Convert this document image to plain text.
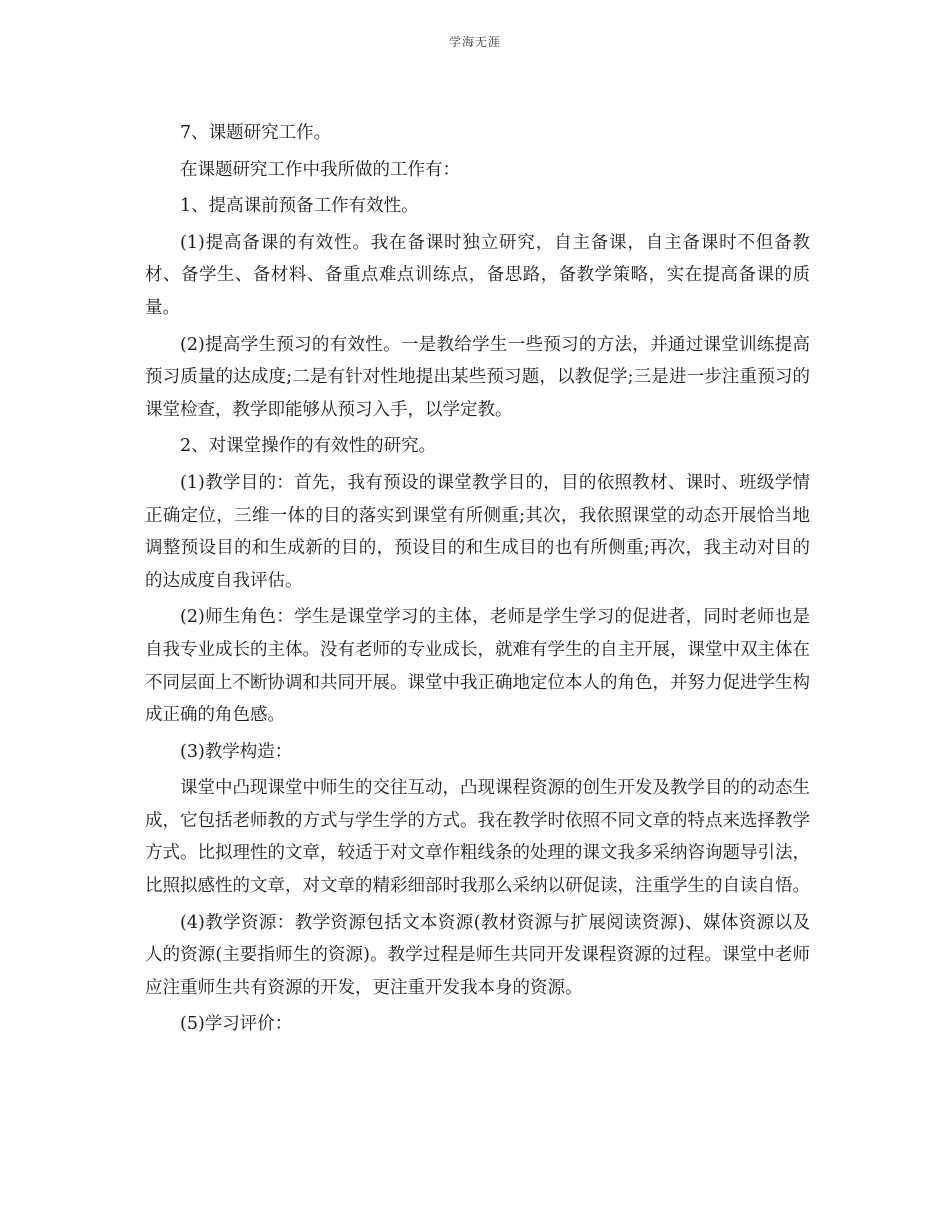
学海无涯

7、课题研究工作。

在课题研究工作中我所做的工作有：

1、提高课前预备工作有效性。

(1)提高备课的有效性。我在备课时独立研究，自主备课，自主备课时不但备教材、备学生、备材料、备重点难点训练点，备思路，备教学策略，实在提高备课的质量。

(2)提高学生预习的有效性。一是教给学生一些预习的方法，并通过课堂训练提高预习质量的达成度;二是有针对性地提出某些预习题，以教促学;三是进一步注重预习的课堂检查，教学即能够从预习入手，以学定教。

2、对课堂操作的有效性的研究。

(1)教学目的：首先，我有预设的课堂教学目的，目的依照教材、课时、班级学情正确定位，三维一体的目的落实到课堂有所侧重;其次，我依照课堂的动态开展恰当地调整预设目的和生成新的目的，预设目的和生成目的也有所侧重;再次，我主动对目的的达成度自我评估。

(2)师生角色：学生是课堂学习的主体，老师是学生学习的促进者，同时老师也是自我专业成长的主体。没有老师的专业成长，就难有学生的自主开展，课堂中双主体在不同层面上不断协调和共同开展。课堂中我正确地定位本人的角色，并努力促进学生构成正确的角色感。

(3)教学构造：

课堂中凸现课堂中师生的交往互动，凸现课程资源的创生开发及教学目的的动态生成，它包括老师教的方式与学生学的方式。我在教学时依照不同文章的特点来选择教学方式。比拟理性的文章，较适于对文章作粗线条的处理的课文我多采纳咨询题导引法，比照拟感性的文章，对文章的精彩细部时我那么采纳以研促读，注重学生的自读自悟。

(4)教学资源：教学资源包括文本资源(教材资源与扩展阅读资源)、媒体资源以及人的资源(主要指师生的资源)。教学过程是师生共同开发课程资源的过程。课堂中老师应注重师生共有资源的开发，更注重开发我本身的资源。

(5)学习评价：
